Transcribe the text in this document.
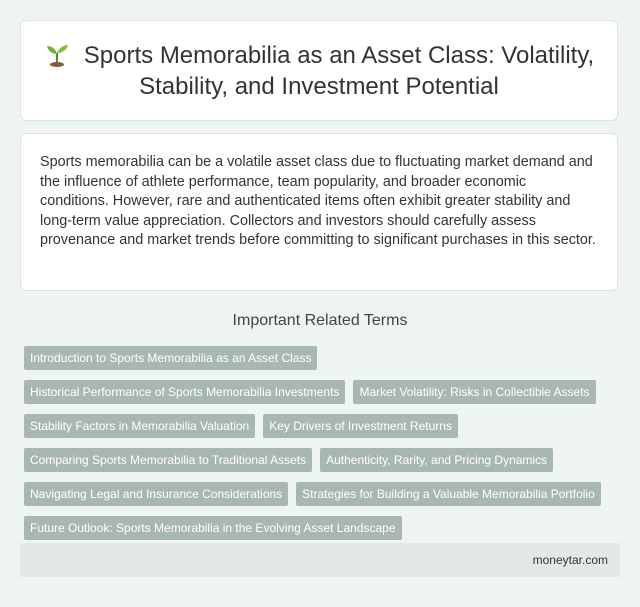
Sports Memorabilia as an Asset Class: Volatility, Stability, and Investment Potential

Sports memorabilia can be a volatile asset class due to fluctuating market demand and the influence of athlete performance, team popularity, and broader economic conditions. However, rare and authenticated items often exhibit greater stability and long-term value appreciation. Collectors and investors should carefully assess provenance and market trends before committing to significant purchases in this sector.

Important Related Terms
Introduction to Sports Memorabilia as an Asset Class
Historical Performance of Sports Memorabilia Investments	Market Volatility: Risks in Collectible Assets
Stability Factors in Memorabilia Valuation	Key Drivers of Investment Returns
Comparing Sports Memorabilia to Traditional Assets	Authenticity, Rarity, and Pricing Dynamics
Navigating Legal and Insurance Considerations	Strategies for Building a Valuable Memorabilia Portfolio
Future Outlook: Sports Memorabilia in the Evolving Asset Landscape
moneytar.com
